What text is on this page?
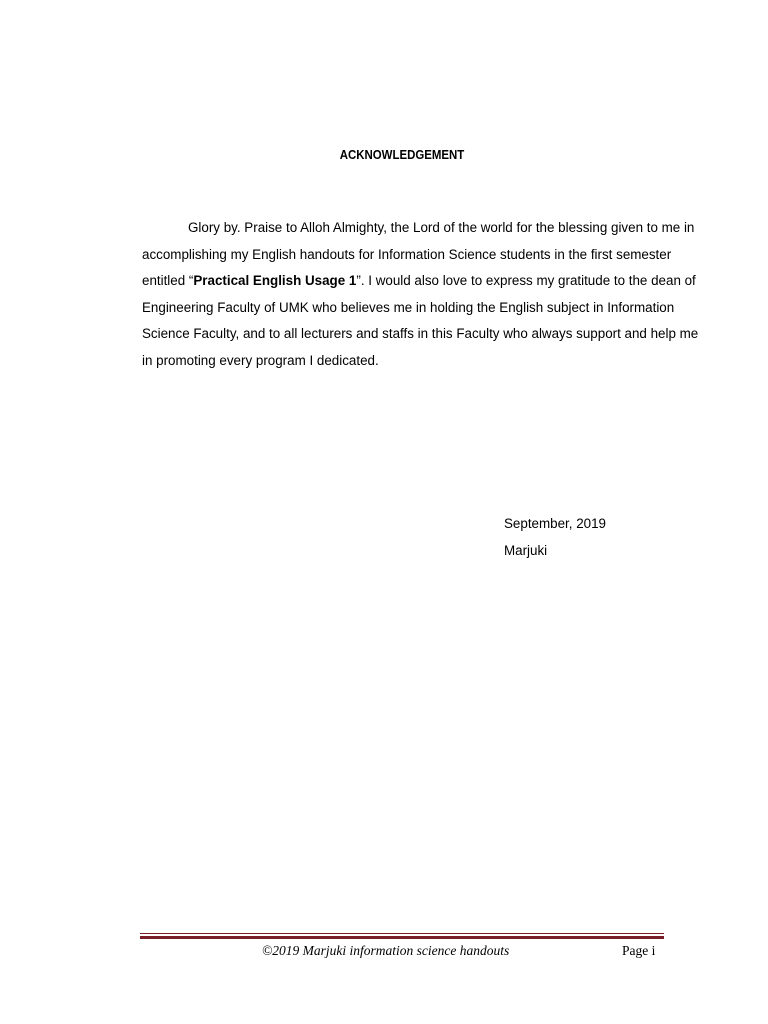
ACKNOWLEDGEMENT
Glory by. Praise to Alloh Almighty, the Lord of the world for the blessing given to me in
accomplishing my English handouts for Information Science students in the first semester
entitled “Practical English Usage 1”. I would also love to express my gratitude to the dean of
Engineering Faculty of UMK who believes me in holding the English subject in Information
Science Faculty, and to all lecturers and staffs in this Faculty who always support and help me
in promoting every program I dedicated.
September, 2019
Marjuki
©2019 Marjuki information science handouts	Page i
